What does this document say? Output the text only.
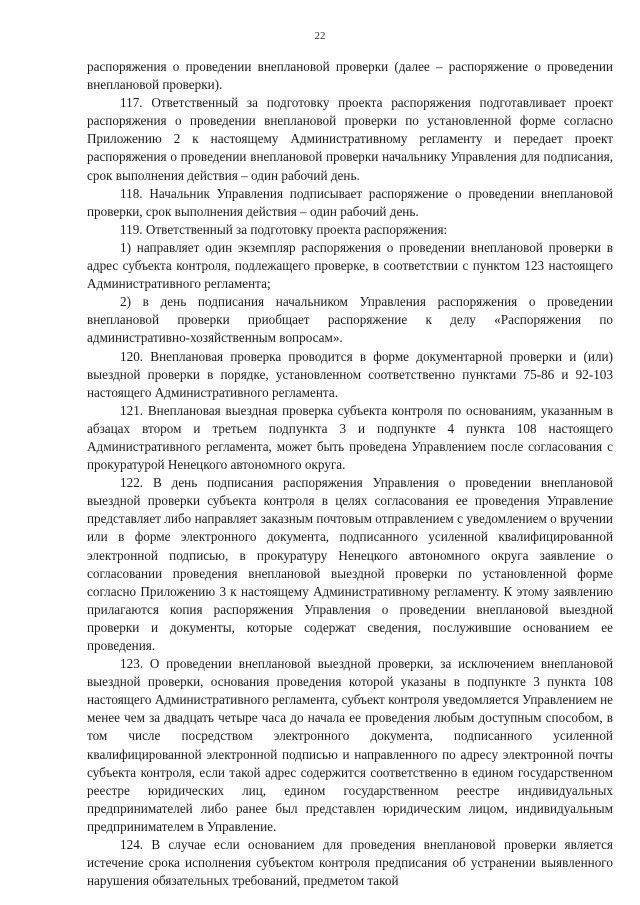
22

распоряжения о проведении внеплановой проверки (далее – распоряжение о проведении внеплановой проверки).

117. Ответственный за подготовку проекта распоряжения подготавливает проект распоряжения о проведении внеплановой проверки по установленной форме согласно Приложению 2 к настоящему Административному регламенту и передает проект распоряжения о проведении внеплановой проверки начальнику Управления для подписания, срок выполнения действия – один рабочий день.

118. Начальник Управления подписывает распоряжение о проведении внеплановой проверки, срок выполнения действия – один рабочий день.

119. Ответственный за подготовку проекта распоряжения:

1) направляет один экземпляр распоряжения о проведении внеплановой проверки в адрес субъекта контроля, подлежащего проверке, в соответствии с пунктом 123 настоящего Административного регламента;

2) в день подписания начальником Управления распоряжения о проведении внеплановой проверки приобщает распоряжение к делу «Распоряжения по административно-хозяйственным вопросам».

120. Внеплановая проверка проводится в форме документарной проверки и (или) выездной проверки в порядке, установленном соответственно пунктами 75-86 и 92-103 настоящего Административного регламента.

121. Внеплановая выездная проверка субъекта контроля по основаниям, указанным в абзацах втором и третьем подпункта 3 и подпункте 4 пункта 108 настоящего Административного регламента, может быть проведена Управлением после согласования с прокуратурой Ненецкого автономного округа.

122. В день подписания распоряжения Управления о проведении внеплановой выездной проверки субъекта контроля в целях согласования ее проведения Управление представляет либо направляет заказным почтовым отправлением с уведомлением о вручении или в форме электронного документа, подписанного усиленной квалифицированной электронной подписью, в прокуратуру Ненецкого автономного округа заявление о согласовании проведения внеплановой выездной проверки по установленной форме согласно Приложению 3 к настоящему Административному регламенту. К этому заявлению прилагаются копия распоряжения Управления о проведении внеплановой выездной проверки и документы, которые содержат сведения, послужившие основанием ее проведения.

123. О проведении внеплановой выездной проверки, за исключением внеплановой выездной проверки, основания проведения которой указаны в подпункте 3 пункта 108 настоящего Административного регламента, субъект контроля уведомляется Управлением не менее чем за двадцать четыре часа до начала ее проведения любым доступным способом, в том числе посредством электронного документа, подписанного усиленной квалифицированной электронной подписью и направленного по адресу электронной почты субъекта контроля, если такой адрес содержится соответственно в едином государственном реестре юридических лиц, едином государственном реестре индивидуальных предпринимателей либо ранее был представлен юридическим лицом, индивидуальным предпринимателем в Управление.

124. В случае если основанием для проведения внеплановой проверки является истечение срока исполнения субъектом контроля предписания об устранении выявленного нарушения обязательных требований, предметом такой
